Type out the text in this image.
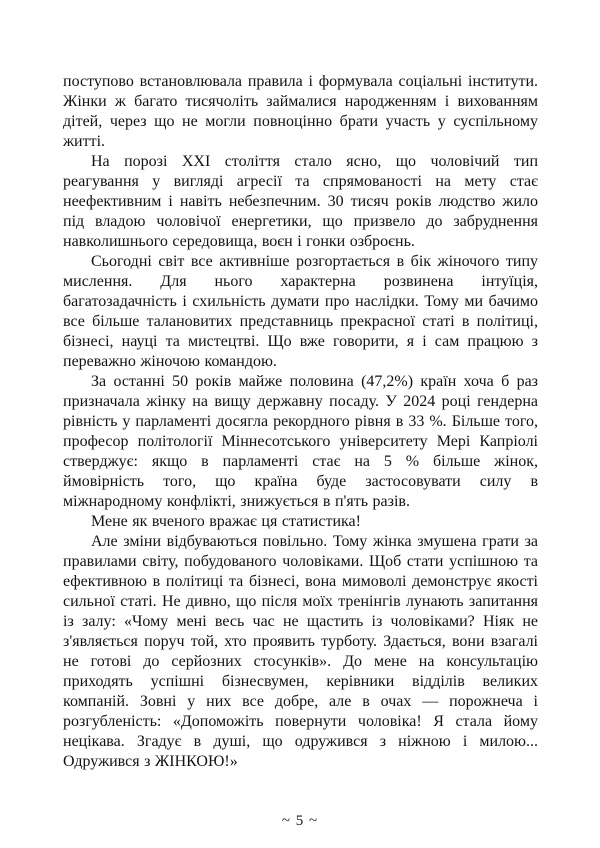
поступово встановлювала правила і формувала соціальні інститути. Жінки ж багато тисячоліть займалися народженням і вихованням дітей, через що не могли повноцінно брати участь у суспільному житті.

На порозі XXI століття стало ясно, що чоловічий тип реагування у вигляді агресії та спрямованості на мету стає неефективним і навіть небезпечним. 30 тисяч років людство жило під владою чоловічої енергетики, що призвело до забруднення навколишнього середовища, воєн і гонки озброєнь.

Сьогодні світ все активніше розгортається в бік жіночого типу мислення. Для нього характерна розвинена інтуїція, багатозадачність і схильність думати про наслідки. Тому ми бачимо все більше талановитих представниць прекрасної статі в політиці, бізнесі, науці та мистецтві. Що вже говорити, я і сам працюю з переважно жіночою командою.

За останні 50 років майже половина (47,2%) країн хоча б раз призначала жінку на вищу державну посаду. У 2024 році гендерна рівність у парламенті досягла рекордного рівня в 33 %. Більше того, професор політології Міннесотського університету Мері Капріолі стверджує: якщо в парламенті стає на 5 % більше жінок, ймовірність того, що країна буде застосовувати силу в міжнародному конфлікті, знижується в п'ять разів.

Мене як вченого вражає ця статистика!

Але зміни відбуваються повільно. Тому жінка змушена грати за правилами світу, побудованого чоловіками. Щоб стати успішною та ефективною в політиці та бізнесі, вона мимоволі демонструє якості сильної статі. Не дивно, що після моїх тренінгів лунають запитання із залу: «Чому мені весь час не щастить із чоловіками? Ніяк не з'являється поруч той, хто проявить турботу. Здається, вони взагалі не готові до серйозних стосунків». До мене на консультацію приходять успішні бізнесвумен, керівники відділів великих компаній. Зовні у них все добре, але в очах — порожнеча і розгубленість: «Допоможіть повернути чоловіка! Я стала йому нецікава. Згадує в душі, що одружився з ніжною і милою... Одружився з ЖІНКОЮ!»

~ 5 ~
